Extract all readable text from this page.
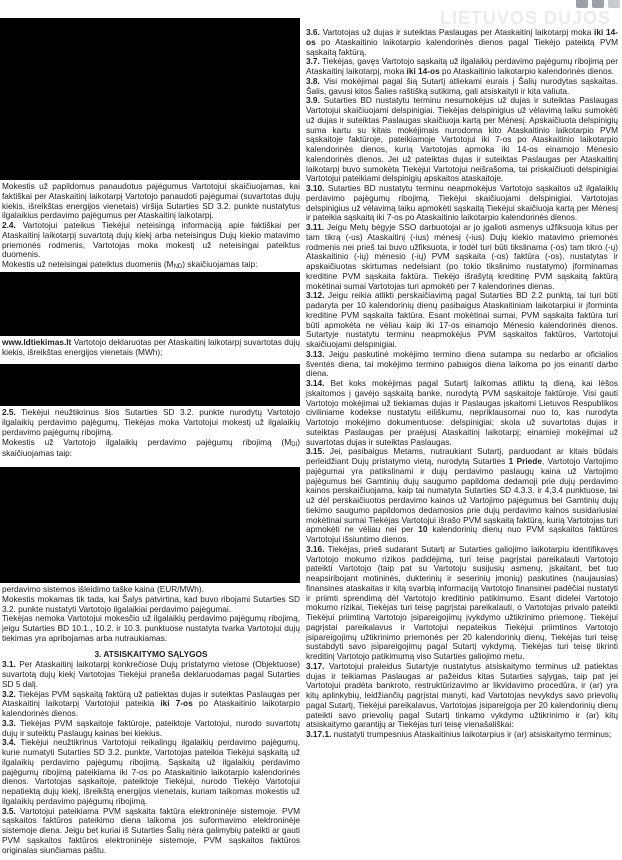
LIETUVOS DUJOS

Mokestis už papildomus panaudotus pajėgumus Vartotojui skaičiuojamas, kai faktiškai per Ataskaitinį laikotarpį Vartotojo panaudoti pajėgumai (suvartotas dujų kiekis, išreikštas energijos vienetais) viršija Sutarties SD 3.2. punkte nustatytus ilgalaikius perdavimo pajėgumus per Ataskaitinį laikotarpį.

2.4. Vartotojui pateikus Tiekėjui neteisingą informaciją apie faktiškai per Ataskaitinį laikotarpį suvartotą dujų kiekį arba neteisingus Dujų kiekio matavimo priemonės rodmenis, Vartotojas moka mokestį už neteisingai pateiktus duomenis.

Mokestis už neteisingai pateiktus duomenis $(M_{ND})$ skaičiuojamas taip:

www.ldtiekimas.lt Vartotojo deklaruotas per Ataskaitinį laikotarpį suvartotas dujų kiekis, išreikštas energijos vienetais (MWh);

2.5. Tiekėjui neužtikrinus šios Sutarties SD 3.2. punkte nurodytų Vartotojo ilgalaikių perdavimo pajėgumų, Tiekėjas moka Vartotojui mokestį už ilgalaikių perdavimo pajėgumų ribojimą.

Mokestis už Vartotojo ilgalaikių perdavimo pajėgumų ribojimą $(M_{DI})$ skaičiuojamas taip:

perdavimo sistemos išleidimo taške kaina (EUR/MWh).

Mokestis mokamas tik tada, kai Šalys patvirtina, kad buvo ribojami Sutarties SD 3.2. punkte nustatyti Vartotojo ilgalaikiai perdavimo pajėgumai.

Tiekėjas nemoka Vartotojui mokesčio už ilgalaikių perdavimo pajėgumų ribojimą, jeigu Sutarties BD 10.1., 10.2. ir 10.3. punktuose nustatyta tvarka Vartotojui dujų tiekimas yra apribojamas arba nutraukiamas.

3. ATSISKAITYMO SĄLYGOS

3.1. Per Ataskaitinį laikotarpį konkrečiose Dujų pristatymo vietose (Objektuose) suvartotą dujų kiekį Vartotojas Tiekėjui praneša deklaruodamas pagal Sutarties SD 5 dalį.

3.2. Tiekėjas PVM sąskaitą faktūrą už patiektas dujas ir suteiktas Paslaugas per Ataskaitinį laikotarpį Vartotojui pateikia iki 7-os po Ataskaitinio laikotarpio kalendorinės dienos.

3.3. Tiekėjas PVM sąskaitoje faktūroje, pateiktoje Vartotojui, nurodo suvartotų dujų ir suteiktų Paslaugų kainas bei kiekius.

3.4. Tiekėjui neužtikrinus Vartotojui reikalingų ilgalaikių perdavimo pajėgumų, kurie numatyti Sutarties SD 3.2. punkte, Vartotojas pateikia Tiekėjui sąskaitą už ilgalaikių perdavimo pajėgumų ribojimą. Sąskaitą už ilgalaikių perdavimo pajėgumų ribojimą pateikiama iki 7-os po Ataskaitinio laikotarpio kalendorinės dienos. Vartotojas sąskaitoje, pateiktoje Tiekėjui, nurodo Tiekėjo Vartotojui nepatiektą dujų kiekį, išreikštą energijos vienetais, kuriam taikomas mokestis už ilgalaikių perdavimo pajėgumų ribojimą.

3.5. Vartotojui pateikiama PVM sąskaita faktūra elektroninėje sistemoje. PVM sąskaitos faktūros pateikimo diena laikoma jos suformavimo elektroninėje sistemoje diena. Jeigu bet kuriai iš Sutarties Šalių nėra galimybių pateikti ar gauti PVM sąskaitos faktūros elektroninėje sistemoje, PVM sąskaitos faktūros originalas siunčiamas paštu.

3.6. Vartotojas už dujas ir suteiktas Paslaugas per Ataskaitinį laikotarpį moka iki 14-os po Ataskaitinio laikotarpio kalendorinės dienos pagal Tiekėjo pateiktą PVM sąskaitą faktūrą.

3.7. Tiekėjas, gavęs Vartotojo sąskaitą už ilgalaikių perdavimo pajėgumų ribojimą per Ataskaitinį laikotarpį, moka iki 14-os po Ataskaitinio laikotarpio kalendorinės dienos.

3.8. Visi mokėjimai pagal šią Sutartį atliekami eurais į Šalių nurodytas sąskaitas. Šalis, gavusi kitos Šalies raštišką sutikimą, gali atsiskaityti ir kita valiuta.

3.9. Sutarties BD nustatytu terminu nesumokėjus už dujas ir suteiktas Paslaugas Vartotojui skaičiuojami delspinigiai. Tiekėjas delspinigius už vėlavimą laiku sumokėti už dujas ir suteiktas Paslaugas skaičiuoja kartą per Mėnesį. Apskaičiuota delspinigių suma kartu su kitais mokėjimais nurodoma kito Ataskaitinio laikotarpio PVM sąskaitoje faktūroje, pateikiamoje Vartotojui iki 7-os po Ataskaitinio laikotarpio kalendorinės dienos, kurią Vartotojas apmoka iki 14-os einamojo Mėnesio kalendorinės dienos. Jei už pateiktas dujas ir suteiktas Paslaugas per Ataskaitinį laikotarpį buvo sumokėta Tiekėjui Vartotojui neišrašoma, tai priskaičiuoti delspinigiai Vartotojui pateikiami delspinigių apskaitos ataskaitoje.

3.10. Sutarties BD nustatytu terminu neapmokėjus Vartotojo sąskaitos už ilgalaikių perdavimo pajėgumų ribojimą, Tiekėjui skaičiuojami delspinigiai. Vartotojas delspinigius už vėlavimą laiku apmokėti sąskaitą Tiekėjui skaičiuoja kartą per Mėnesį ir pateikia sąskaitą iki 7-os po Ataskaitinio laikotarpio kalendorinės dienos.

3.11. Jeigu Metų bėgyje SSO darbuotojai ar jo įgalioti asmenys užfiksuoja kitus per tam tikrą (-us) Ataskaitinį (-ius) mėnesį (-ius) Dujų kiekio matavimo priemonės rodmenis nei prieš tai buvo užfiksuota, ir todėl turi būti tikslinama (-os) tam tikro (-ų) Ataskaitinio (-ių) mėnesio (-ių) PVM sąskaita (-os) faktūra (-os), nustatytas ir apskaičiuotas skirtumas nedelsiant (po tokio tikslinimo nustatymo) įforminamas kreditine PVM sąskaita faktūra. Tiekėjo išrašytą kreditinę PVM sąskaitą faktūrą mokėtinai sumai Vartotojas turi apmokėti per 7 kalendorines dienas.

3.12. Jeigu reikia atlikti perskaičiavimą pagal Sutarties BD 2.2 punktą, tai turi būti padaryta per 10 kalendorinių dienų pasibaigus Ataskaitiniam laikotarpiui ir įforminta kreditine PVM sąskaita faktūra. Esant mokėtinai sumai, PVM sąskaita faktūra turi būti apmokėta ne vėliau kaip iki 17-os einamojo Mėnesio kalendorinės dienos. Sutartyje nustatytu terminu neapmokėjus PVM sąskaitos faktūros, Vartotojui skaičiuojami delspinigiai.

3.13. Jeigu paskutinė mokėjimo termino diena sutampa su nedarbo ar oficialios šventės diena, tai mokėjimo termino pabaigos diena laikoma po jos einanti darbo diena.

3.14. Bet koks mokėjimas pagal Sutartį laikomas atliktu tą dieną, kai lėšos įskaitomos į gavėjo sąskaitą banke, nurodytą PVM sąskaitoje faktūroje. Visi gauti Vartotojo mokėjimai už tiekiamas dujas ir Paslaugas įskaitomi Lietuvos Respublikos civiliniame kodekse nustatytu eiliškumu, nepriklausomai nuo to, kas nurodyta Vartotojo mokėjimo dokumentuose: delspinigiai; skola už suvartotas dujas ir suteiktas Paslaugas per praėjusį Ataskaitinį laikotarpį; einamieji mokėjimai už suvartotas dujas ir suteiktas Paslaugas.

3.15. Jei, pasibaigus Metams, nutraukiant Sutartį, parduodant ar kitais būdais perleidžiant Dujų pristatymo vietą, nurodytą Sutarties 1 Priede, Vartotojo Vartojimo pajėgumai yra patikslinami ir dujų perdavimo paslaugų kaina už Vartojimo pajėgumus bei Gamtinių dujų saugumo papildoma dedamoji prie dujų perdavimo kainos perskaičiuojama, kaip tai numatyta Sutarties SD 4.3.3. ir 4,3.4 punktuose, tai už dėl perskaičiuotos perdavimo kainos už Vartojimo pajėgumus bei Gamtinių dujų tiekimo saugumo papildomos dedamosios prie dujų perdavimo kainos susidariusiai mokėtinai sumai Tiekėjas Vartotojui išrašo PVM sąskaitą faktūrą, kurią Vartotojas turi apmokėti ne vėliau nei per 10 kalendorinių dienų nuo PVM sąskaitos faktūros Vartotojui išsiuntimo dienos.

3.16. Tiekėjas, prieš sudarant Sutartį ar Sutarties galiojimo laikotarpiu identifikavęs Vartotojo mokumo rizikos padidėjimą, turi teisę pagrįstai pareikalauti Vartotojo pateikti Vartotojo (taip pat su Vartotoju susijusių asmenų, įskaitant, bet tuo neapsiribojant motininės, dukterinių ir seserinių įmonių) paskutines (naujausias) finansines ataskaitas ir kitą svarbią informaciją Vartotojo finansinei padėčiai nustatyti ir priimti sprendimą dėl Vartotojo kreditinio patikimumo. Esant didelei Vartotojo mokumo rizikai, Tiekėjas turi teisę pagrįstai pareikalauti, o Vartotojas privalo pateikti Tiekėjui priimtiną Vartotojo įsipareigojimų įvykdymo užtikrinimo priemonę. Tiekėjui pagrįstai pareikalavus ir Vartotojui nepateikus Tiekėjui priimtinos Vartotojo įsipareigojimų užtikrinimo priemonės per 20 kalendorinių dienų, Tiekėjas turi teisę sustabdyti savo įsipareigojimų pagal Sutartį vykdymą. Tiekėjas turi teisę tikrinti kreditinį Vartotojo patikimumą viso Sutarties galiojimo metu.

3.17. Vartotojui praleidus Sutartyje nustatytus atsiskaitymo terminus už patiektas dujas ir teikiamas Paslaugas ar pažeidus kitas Sutarties sąlygas, taip pat jei Vartotojui pradėta bankroto, restruktūrizavimo ar likvidavimo procedūra, ir (ar) yra kitų aplinkybių, leidžiančių pagrįstai manyti, kad Vartotojas nevykdys savo prievolių pagal Sutartį, Tiekėjui pareikalavus, Vartotojas įsipareigoja per 20 kalendorinių dienų pateikti savo prievolių pagal Sutartį tinkamo vykdymo užtikrinimo ir (ar) kitų atsiskaitymo garantijų ar Tiekėjas turi teisę vienašališkai:

3.17.1. nustatyti trumpesnius Ataskaitinius laikotarpius ir (ar) atsiskaitymo terminus;
